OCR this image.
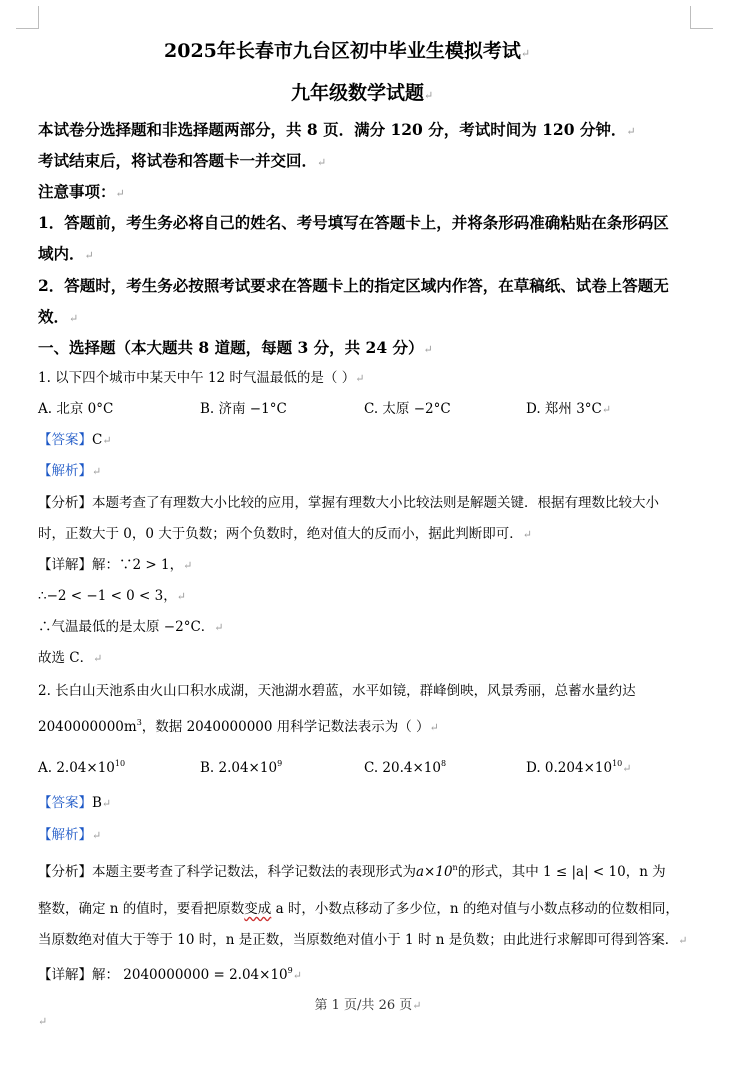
2025年长春市九台区初中毕业生模拟考试↵
九年级数学试题↵
本试卷分选择题和非选择题两部分，共 8 页．满分 120 分，考试时间为 120 分钟．↵
考试结束后，将试卷和答题卡一并交回．↵
注意事项：↵
1．答题前，考生务必将自己的姓名、考号填写在答题卡上，并将条形码准确粘贴在条形码区
域内．↵
2．答题时，考生务必按照考试要求在答题卡上的指定区域内作答，在草稿纸、试卷上答题无
效．↵
一、选择题（本大题共 8 道题，每题 3 分，共 24 分）↵
1. 以下四个城市中某天中午 12 时气温最低的是（ ）↵
A. 北京 0°C	B. 济南 −1°C	C. 太原 −2°C	D. 郑州 3°C↵
【答案】C↵
【解析】↵
【分析】本题考查了有理数大小比较的应用，掌握有理数大小比较法则是解题关键．根据有理数比较大小
时，正数大于 0，0 大于负数；两个负数时，绝对值大的反而小，据此判断即可．↵
【详解】解：∵2 > 1，↵
∴−2 < −1 < 0 < 3，↵
∴气温最低的是太原 −2°C．↵
故选 C．↵
2. 长白山天池系由火山口积水成湖，天池湖水碧蓝，水平如镜，群峰倒映，风景秀丽，总蓄水量约达
$2040000000m^3$，数据 2040000000 用科学记数法表示为（ ）↵
A. $2.04\times 10^{10}$	B. $2.04\times 10^9$	C. $20.4\times 10^8$	D. $0.204\times 10^{10}↵$
【答案】B↵
【解析】↵
【分析】本题主要考查了科学记数法，科学记数法的表现形式为$a\times 10^n$的形式，其中 1 ≤ |a| < 10，n 为
整数，确定 n 的值时，要看把原数变成 a 时，小数点移动了多少位，n 的绝对值与小数点移动的位数相同，
当原数绝对值大于等于 10 时，n 是正数，当原数绝对值小于 1 时 n 是负数；由此进行求解即可得到答案．↵
【详解】解： $2040000000 = 2.04\times 10^9↵$
第 1 页/共 26 页↵
↵
